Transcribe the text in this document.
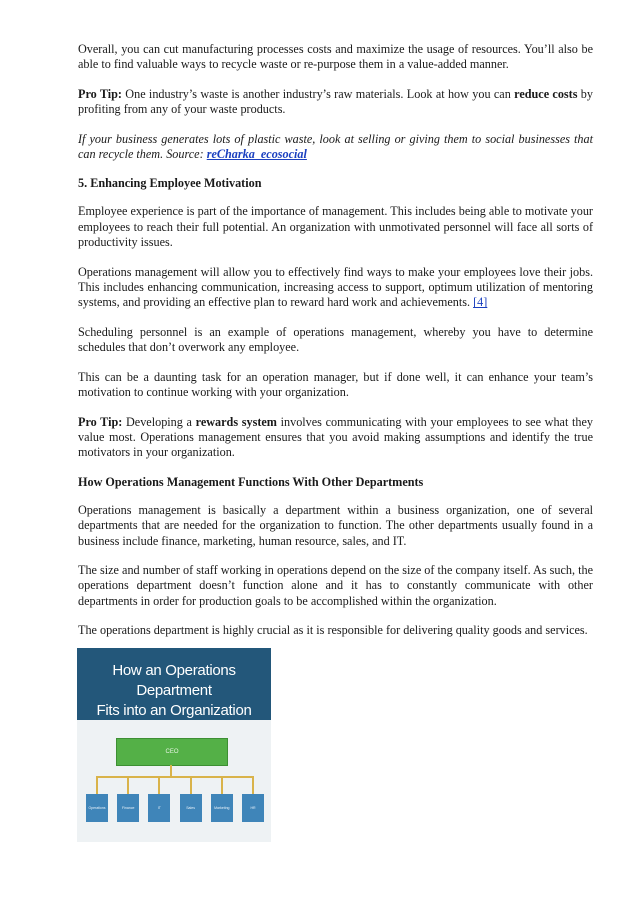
Overall, you can cut manufacturing processes costs and maximize the usage of resources. You’ll also be able to find valuable ways to recycle waste or re-purpose them in a value-added manner.

Pro Tip: One industry’s waste is another industry’s raw materials. Look at how you can reduce costs by profiting from any of your waste products.

If your business generates lots of plastic waste, look at selling or giving them to social businesses that can recycle them. Source: reCharka_ecosocial

5. Enhancing Employee Motivation

Employee experience is part of the importance of management. This includes being able to motivate your employees to reach their full potential. An organization with unmotivated personnel will face all sorts of productivity issues.

Operations management will allow you to effectively find ways to make your employees love their jobs. This includes enhancing communication, increasing access to support, optimum utilization of mentoring systems, and providing an effective plan to reward hard work and achievements. [4]

Scheduling personnel is an example of operations management, whereby you have to determine schedules that don’t overwork any employee.

This can be a daunting task for an operation manager, but if done well, it can enhance your team’s motivation to continue working with your organization.

Pro Tip: Developing a rewards system involves communicating with your employees to see what they value most. Operations management ensures that you avoid making assumptions and identify the true motivators in your organization.

How Operations Management Functions With Other Departments

Operations management is basically a department within a business organization, one of several departments that are needed for the organization to function. The other departments usually found in a business include finance, marketing, human resource, sales, and IT.

The size and number of staff working in operations depend on the size of the company itself. As such, the operations department doesn’t function alone and it has to constantly communicate with other departments in order for production goals to be accomplished within the organization.

The operations department is highly crucial as it is responsible for delivering quality goods and services.

How an Operations Department
Fits into an Organization
CEO
Operations	Finance	IT	Sales	Marketing	HR
